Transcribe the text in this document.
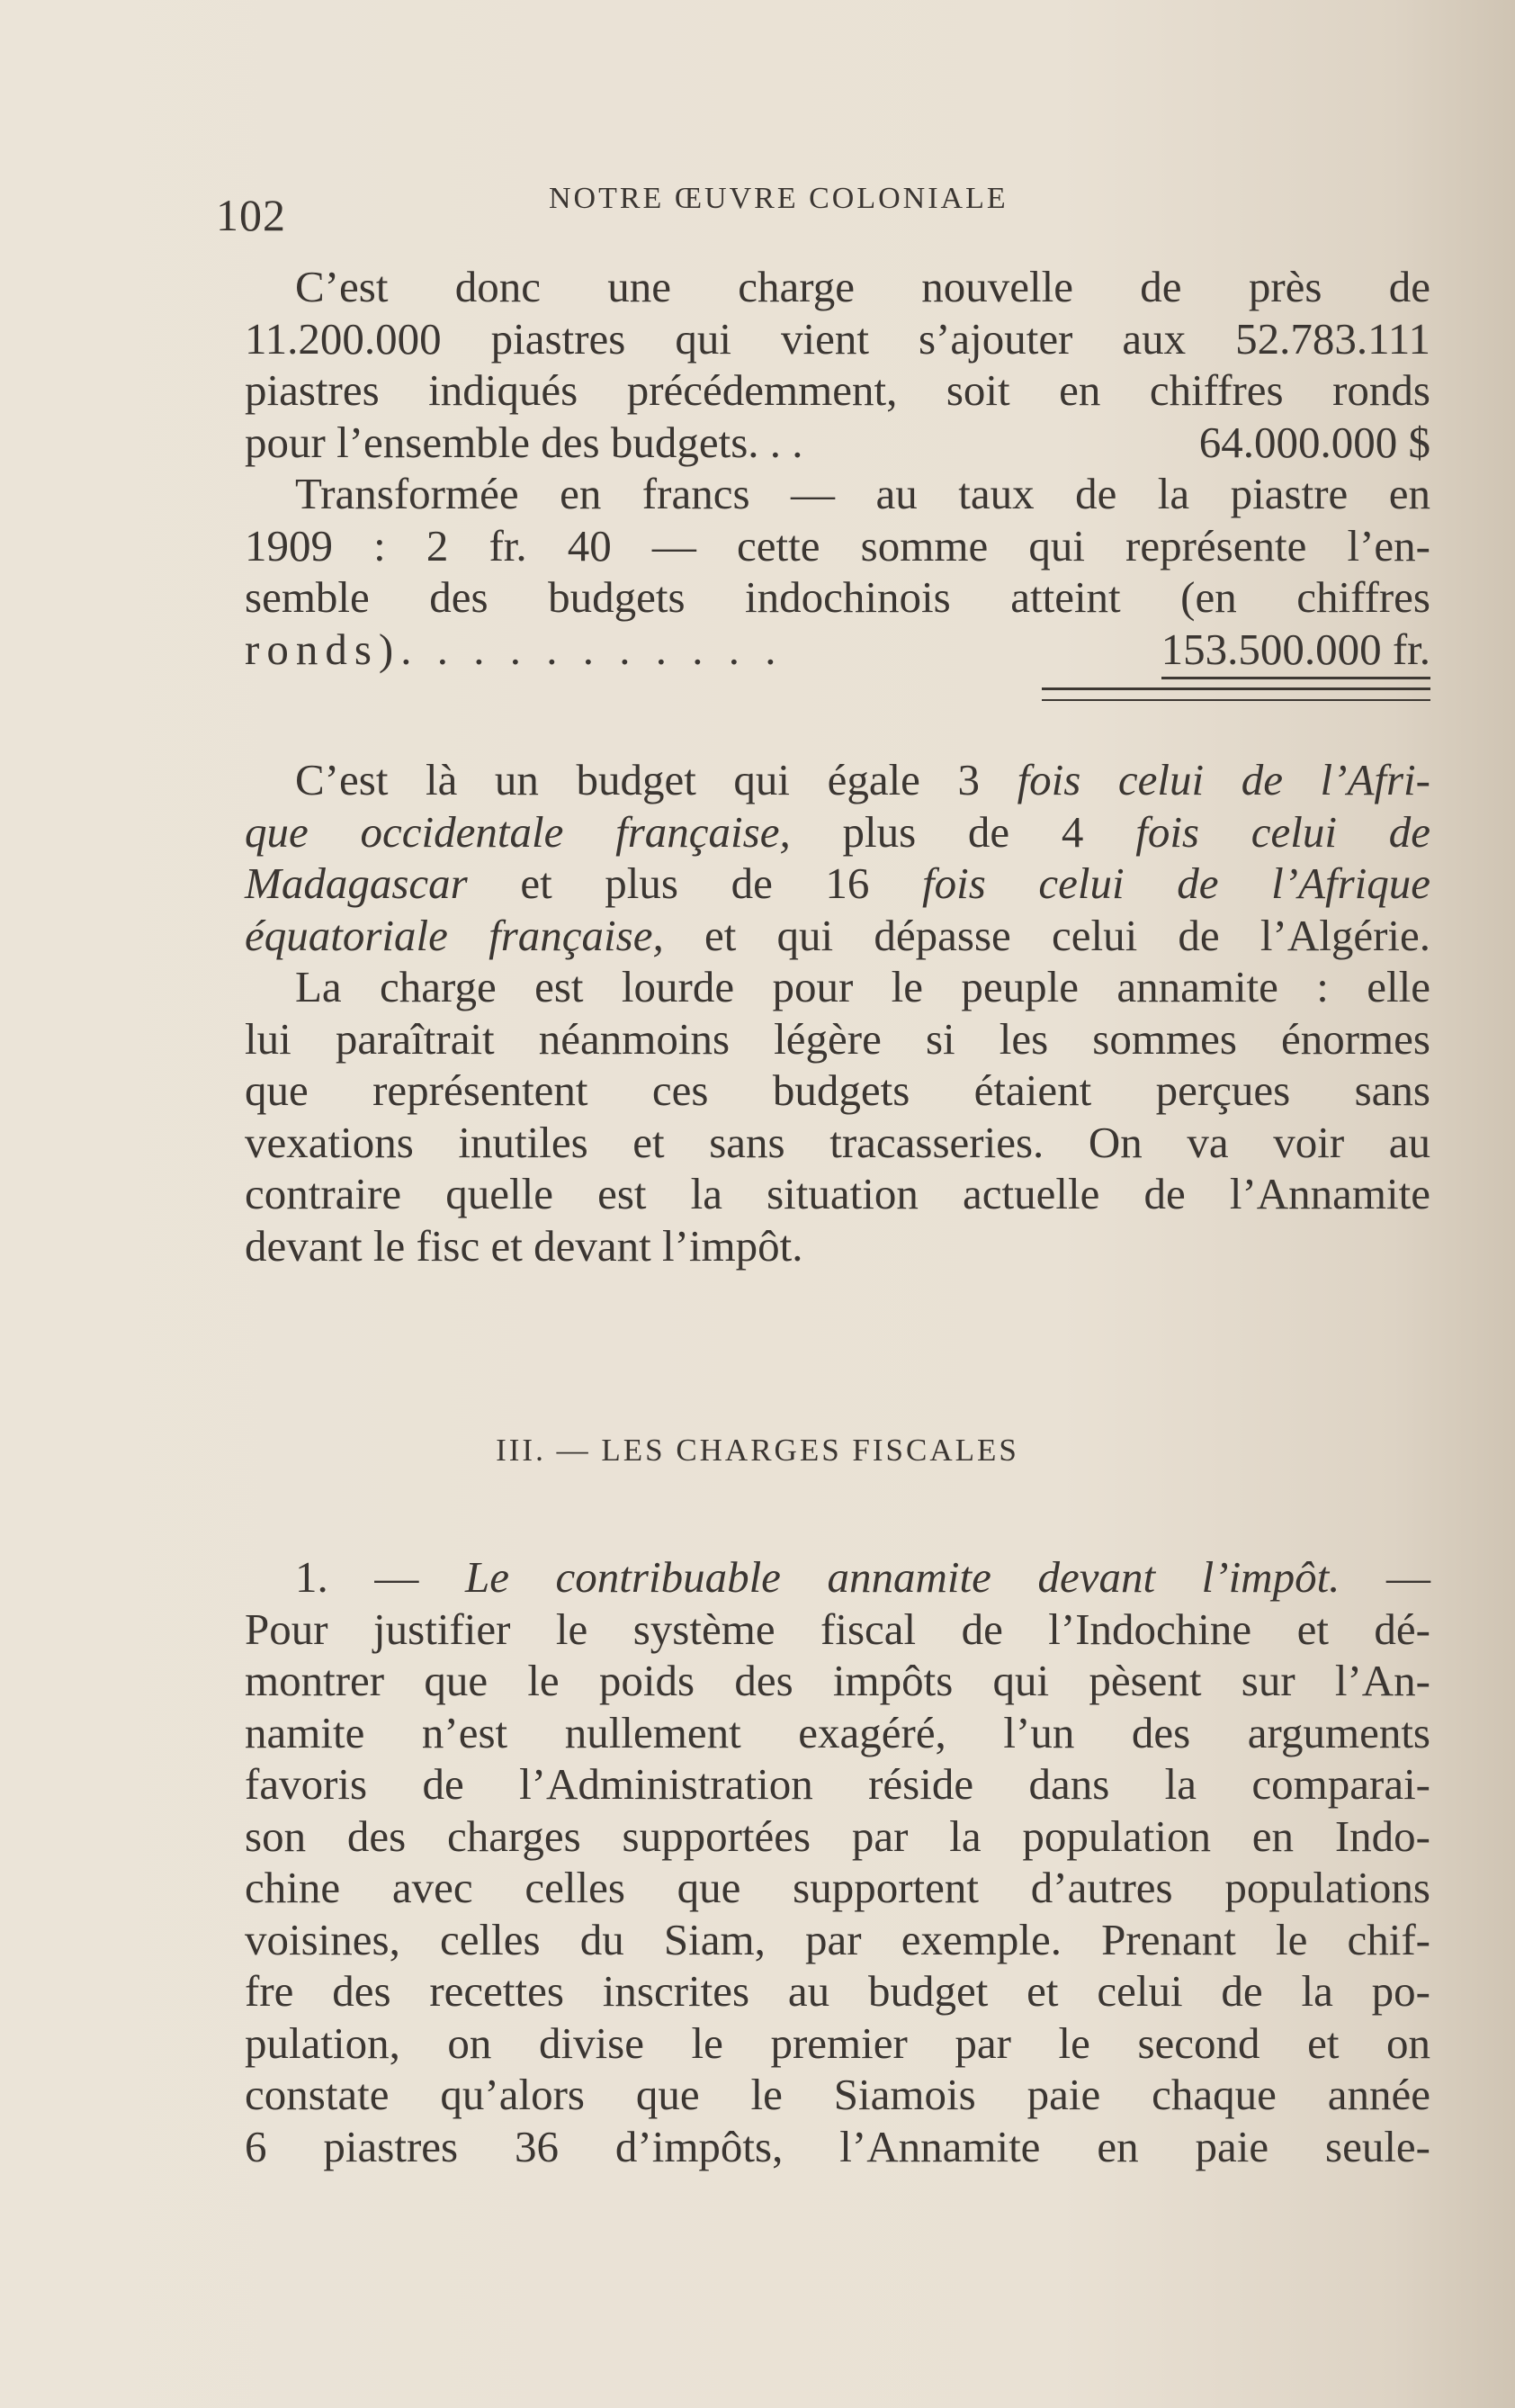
102	NOTRE ŒUVRE COLONIALE
C’est donc une charge nouvelle de près de
11.200.000 piastres qui vient s’ajouter aux 52.783.111
piastres indiqués précédemment, soit en chiffres ronds
pour l’ensemble des budgets. . .	64.000.000 $
Transformée en francs — au taux de la piastre en
1909 : 2 fr. 40 — cette somme qui représente l’en-
semble des budgets indochinois atteint (en chiffres
ronds). . . . . . . . . . .	153.500.000 fr.
C’est là un budget qui égale 3 fois celui de l’Afri-
que occidentale française, plus de 4 fois celui de
Madagascar et plus de 16 fois celui de l’Afrique
équatoriale française, et qui dépasse celui de l’Algérie.
La charge est lourde pour le peuple annamite : elle
lui paraîtrait néanmoins légère si les sommes énormes
que représentent ces budgets étaient perçues sans
vexations inutiles et sans tracasseries. On va voir au
contraire quelle est la situation actuelle de l’Annamite
devant le fisc et devant l’impôt.
III. — LES CHARGES FISCALES
1. — Le contribuable annamite devant l’impôt. —
Pour justifier le système fiscal de l’Indochine et dé-
montrer que le poids des impôts qui pèsent sur l’An-
namite n’est nullement exagéré, l’un des arguments
favoris de l’Administration réside dans la comparai-
son des charges supportées par la population en Indo-
chine avec celles que supportent d’autres populations
voisines, celles du Siam, par exemple. Prenant le chif-
fre des recettes inscrites au budget et celui de la po-
pulation, on divise le premier par le second et on
constate qu’alors que le Siamois paie chaque année
6 piastres 36 d’impôts, l’Annamite en paie seule-
